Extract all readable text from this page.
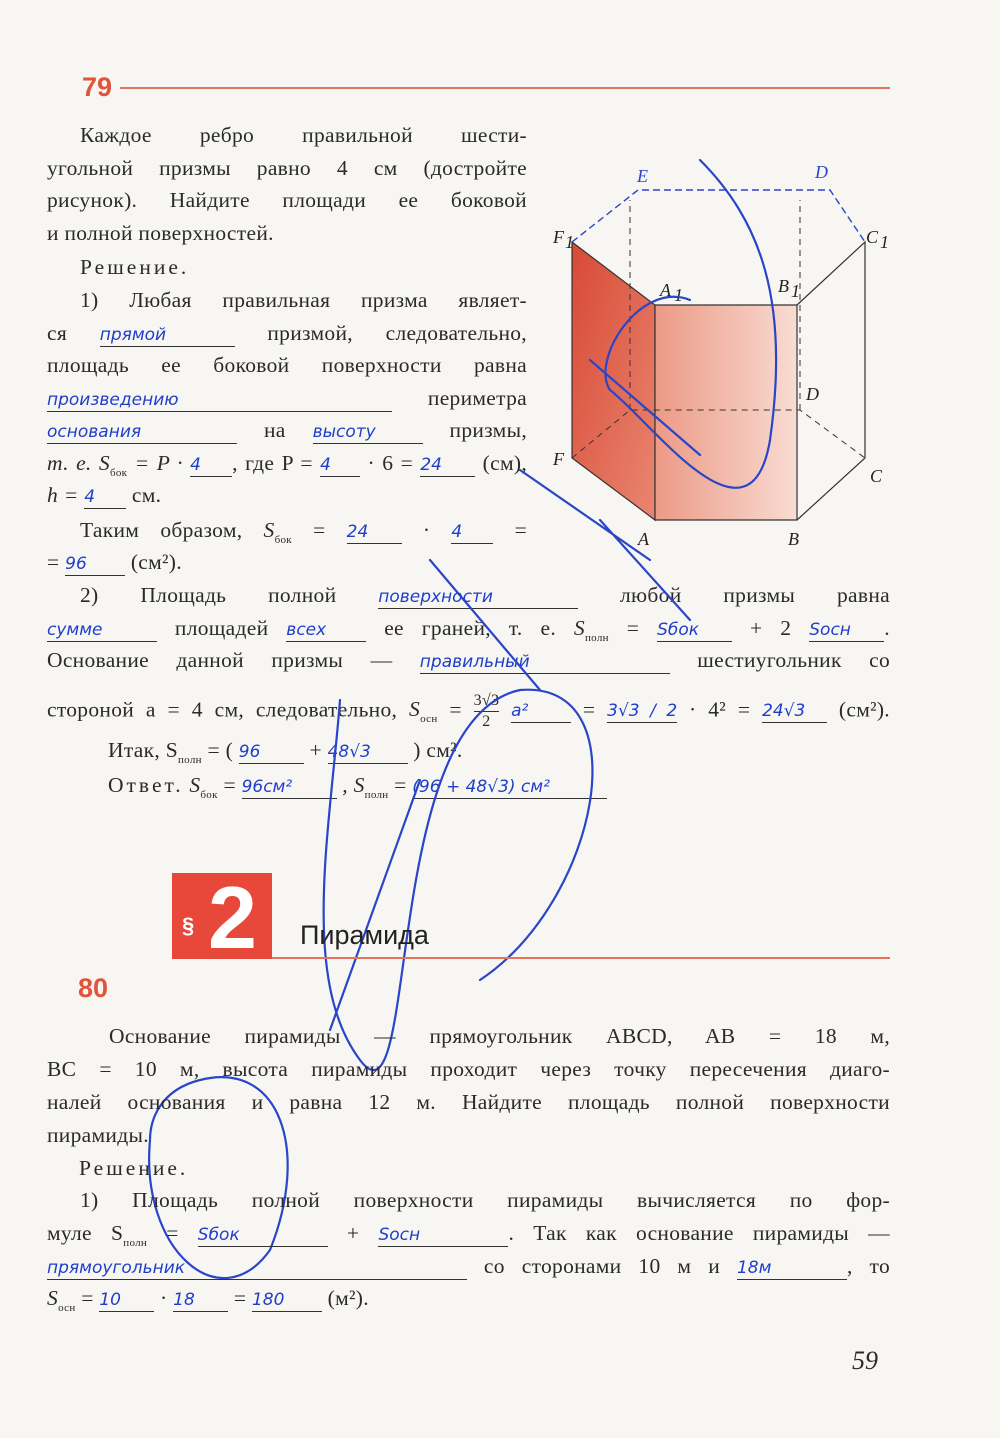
79
Каждое ребро правильной шести-
угольной призмы равно 4 см (достройте
рисунок). Найдите площади ее боковой
и полной поверхностей.
Решение.
1) Любая правильная призма являет-
ся прямой	призмой, следовательно,
площадь ее боковой поверхности равна
произведению	периметра
основания	на высоту	призмы,
т. е. $S_{бок} = P \cdot 4$ , где P = 4 · 6 = 24 (см),
h = 4 см.
Таким образом, $S_{бок} = 24$	· 4 =
= 96 (см²).
2) Площадь полной поверхности	любой призмы равна
сумме	площадей всех	ее граней, т. е. $S_{полн}$ = Sбок + 2 Sосн .
Основание данной призмы — правильный	шестиугольник со
стороной a = 4 см, следовательно, $S_{осн} = \frac{3√3}{2} a^2$	= 3√3 / 2 · 4² = 24√3 (см²).
Итак, $S_{полн}$ = ( 96 + 48√3 ) см².
Ответ. $S_{бок} = 96см^2$ , $S_{полн} = (96 + 48√3)$ см²
F 1	C 1
A 1	B 1
E	D
D
F
C
A	B
§ 2 Пирамида
80
Основание пирамиды — прямоугольник ABCD, AB = 18 м,
BC = 10 м, высота пирамиды проходит через точку пересечения диаго-
налей основания и равна 12 м. Найдите площадь полной поверхности
пирамиды.
Решение.
1) Площадь полной поверхности пирамиды вычисляется по фор-
муле $S_{полн}$ = Sбок	+ Sосн	. Так как основание пирамиды —
прямоугольник	со сторонами 10 м и 18м	, то
$S_{осн} = 10 \cdot 18 = 180$ (м²).
59
